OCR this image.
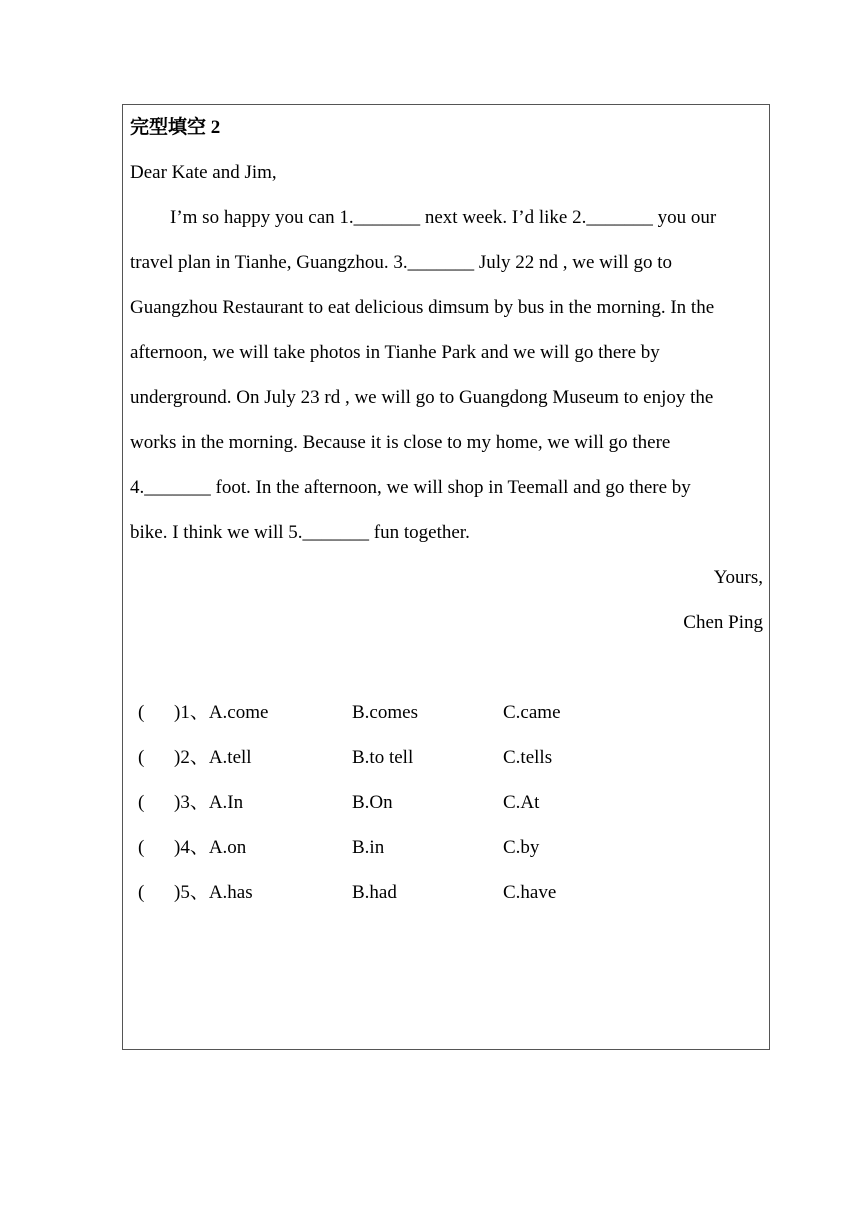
完型填空 2
Dear Kate and Jim,
I’m so happy you can 1._______ next week. I’d like 2._______ you our
travel plan in Tianhe, Guangzhou. 3._______ July 22 nd , we will go to
Guangzhou Restaurant to eat delicious dimsum by bus in the morning. In the
afternoon, we will take photos in Tianhe Park and we will go there by
underground. On July 23 rd , we will go to Guangdong Museum to enjoy the
works in the morning. Because it is close to my home, we will go there
4._______ foot. In the afternoon, we will shop in Teemall and go there by
bike. I think we will 5._______ fun together.
Yours,
Chen Ping
( )1、A.come	B.comes	C.came
( )2、A.tell	B.to tell	C.tells
( )3、A.In	B.On	C.At
( )4、A.on	B.in	C.by
( )5、A.has	B.had	C.have
